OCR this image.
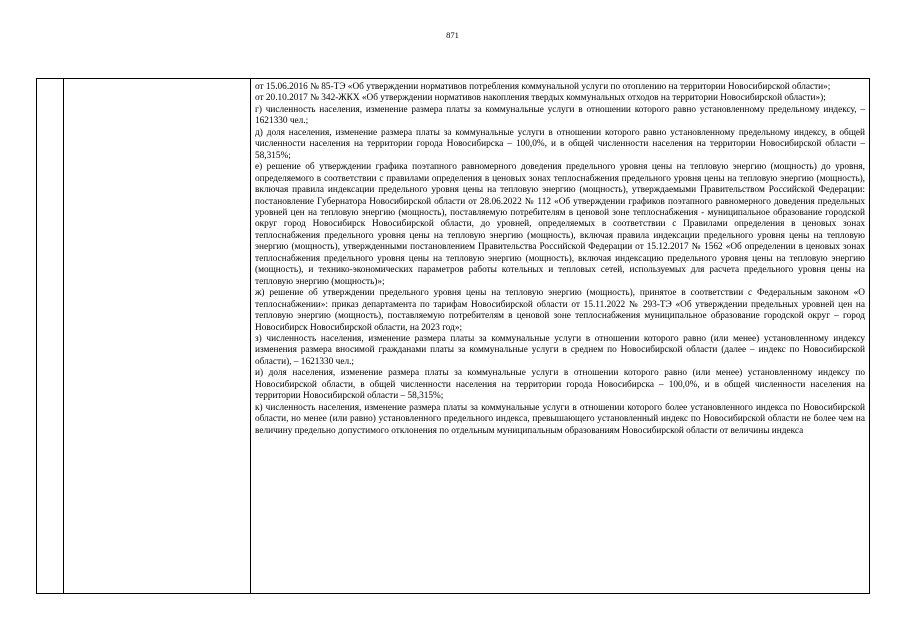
871

от 15.06.2016 № 85-ТЭ «Об утверждении нормативов потребления коммунальной услуги по отоплению на территории Новосибирской области»;

от 20.10.2017 № 342-ЖКХ «Об утверждении нормативов накопления твердых коммунальных отходов на территории Новосибирской области»);

г) численность населения, изменение размера платы за коммунальные услуги в отношении которого равно установленному предельному индексу, – 1621330 чел.;

д) доля населения, изменение размера платы за коммунальные услуги в отношении которого равно установленному предельному индексу, в общей численности населения на территории города Новосибирска – 100,0%, и в общей численности населения на территории Новосибирской области – 58,315%;

е) решение об утверждении графика поэтапного равномерного доведения предельного уровня цены на тепловую энергию (мощность) до уровня, определяемого в соответствии с правилами определения в ценовых зонах теплоснабжения предельного уровня цены на тепловую энергию (мощность), включая правила индексации предельного уровня цены на тепловую энергию (мощность), утверждаемыми Правительством Российской Федерации: постановление Губернатора Новосибирской области от 28.06.2022 № 112 «Об утверждении графиков поэтапного равномерного доведения предельных уровней цен на тепловую энергию (мощность), поставляемую потребителям в ценовой зоне теплоснабжения - муниципальное образование городской округ город Новосибирск Новосибирской области, до уровней, определяемых в соответствии с Правилами определения в ценовых зонах теплоснабжения предельного уровня цены на тепловую энергию (мощность), включая правила индексации предельного уровня цены на тепловую энергию (мощность), утвержденными постановлением Правительства Российской Федерации от 15.12.2017 № 1562 «Об определении в ценовых зонах теплоснабжения предельного уровня цены на тепловую энергию (мощность), включая индексацию предельного уровня цены на тепловую энергию (мощность), и технико-экономических параметров работы котельных и тепловых сетей, используемых для расчета предельного уровня цены на тепловую энергию (мощность)»;

ж) решение об утверждении предельного уровня цены на тепловую энергию (мощность), принятое в соответствии с Федеральным законом «О теплоснабжении»: приказ департамента по тарифам Новосибирской области от 15.11.2022 № 293-ТЭ «Об утверждении предельных уровней цен на тепловую энергию (мощность), поставляемую потребителям в ценовой зоне теплоснабжения муниципальное образование городской округ – город Новосибирск Новосибирской области, на 2023 год»;

з) численность населения, изменение размера платы за коммунальные услуги в отношении которого равно (или менее) установленному индексу изменения размера вносимой гражданами платы за коммунальные услуги в среднем по Новосибирской области (далее – индекс по Новосибирской области), – 1621330 чел.;

и) доля населения, изменение размера платы за коммунальные услуги в отношении которого равно (или менее) установленному индексу по Новосибирской области, в общей численности населения на территории города Новосибирска – 100,0%, и в общей численности населения на территории Новосибирской области – 58,315%;

к) численность населения, изменение размера платы за коммунальные услуги в отношении которого более установленного индекса по Новосибирской области, но менее (или равно) установленного предельного индекса, превышающего установленный индекс по Новосибирской области не более чем на величину предельно допустимого отклонения по отдельным муниципальным образованиям Новосибирской области от величины индекса
